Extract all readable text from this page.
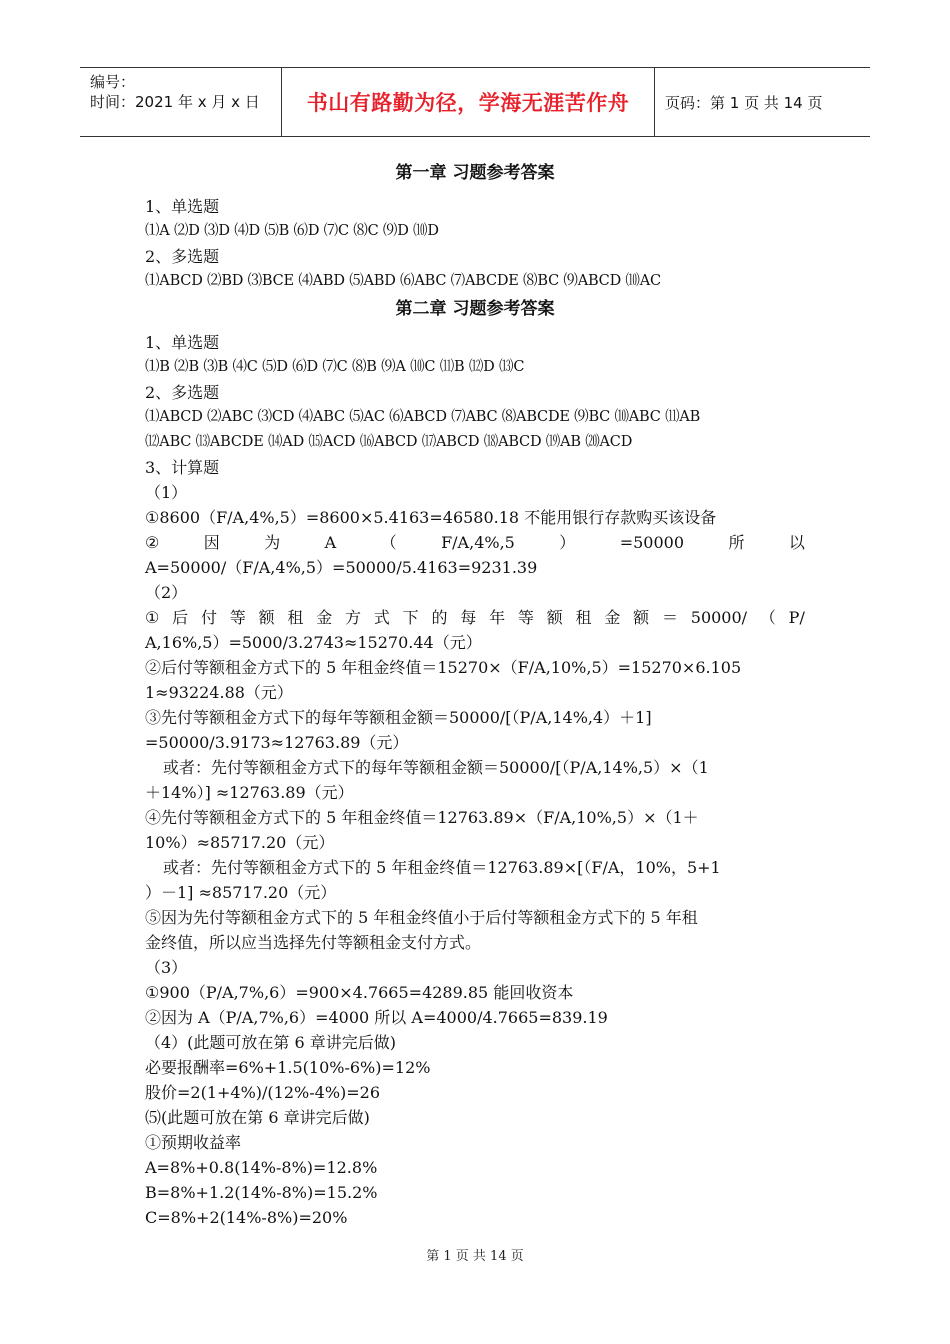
编号：
时间：2021 年 x 月 x 日	书山有路勤为径，学海无涯苦作舟 页码：第 1 页 共 14 页
第一章 习题参考答案
1、单选题
⑴A ⑵D ⑶D ⑷D ⑸B ⑹D ⑺C ⑻C ⑼D ⑽D
2、多选题
⑴ABCD ⑵BD ⑶BCE ⑷ABD ⑸ABD ⑹ABC ⑺ABCDE ⑻BC ⑼ABCD ⑽AC
第二章 习题参考答案
1、单选题
⑴B ⑵B ⑶B ⑷C ⑸D ⑹D ⑺C ⑻B ⑼A ⑽C ⑾B ⑿D ⒀C
2、多选题
⑴ABCD ⑵ABC ⑶CD ⑷ABC ⑸AC ⑹ABCD ⑺ABC ⑻ABCDE ⑼BC ⑽ABC ⑾AB
⑿ABC ⒀ABCDE ⒁AD ⒂ACD ⒃ABCD ⒄ABCD ⒅ABCD ⒆AB ⒇ACD
3、计算题
（1）
①8600（F/A,4%,5）=8600×5.4163=46580.18 不能用银行存款购买该设备
②	因	为	A	（	F/A,4%,5	）	=50000	所	以
A=50000/（F/A,4%,5）=50000/5.4163=9231.39
（2）
① 后 付 等 额 租 金 方 式 下 的 每 年 等 额 租 金 额 ＝ 50000/ （ P/
A,16%,5）=5000/3.2743≈15270.44（元）
②后付等额租金方式下的 5 年租金终值＝15270×（F/A,10%,5）=15270×6.105
1≈93224.88（元）
③先付等额租金方式下的每年等额租金额＝50000/[（P/A,14%,4）＋1]
=50000/3.9173≈12763.89（元）
或者：先付等额租金方式下的每年等额租金额＝50000/[（P/A,14%,5）×（1
＋14%）] ≈12763.89（元）
④先付等额租金方式下的 5 年租金终值＝12763.89×（F/A,10%,5）×（1＋
10%）≈85717.20（元）
或者：先付等额租金方式下的 5 年租金终值＝12763.89×[（F/A，10%，5+1
）－1] ≈85717.20（元）
⑤因为先付等额租金方式下的 5 年租金终值小于后付等额租金方式下的 5 年租
金终值，所以应当选择先付等额租金支付方式。
（3）
①900（P/A,7%,6）=900×4.7665=4289.85 能回收资本
②因为 A（P/A,7%,6）=4000 所以 A=4000/4.7665=839.19
（4）(此题可放在第 6 章讲完后做)
必要报酬率=6%+1.5(10%-6%)=12%
股价=2(1+4%)/(12%-4%)=26
⑸(此题可放在第 6 章讲完后做)
①预期收益率
A=8%+0.8(14%-8%)=12.8%
B=8%+1.2(14%-8%)=15.2%
C=8%+2(14%-8%)=20%
第 1 页 共 14 页
